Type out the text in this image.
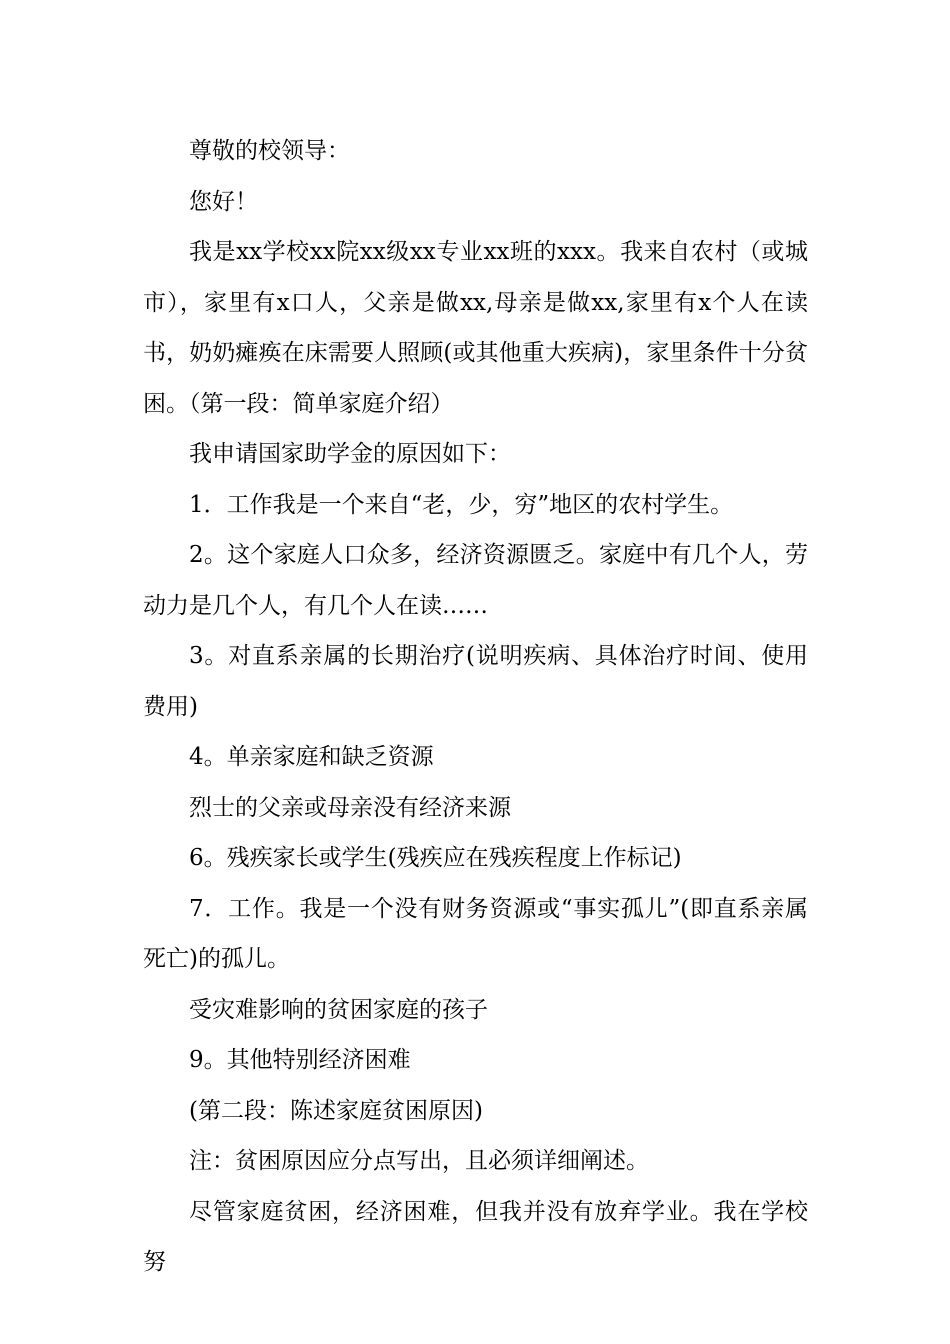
尊敬的校领导：

您好！

我是xx学校xx院xx级xx专业xx班的xxx。我来自农村（或城市），家里有x口人，父亲是做xx,母亲是做xx,家里有x个人在读书，奶奶瘫痪在床需要人照顾(或其他重大疾病)，家里条件十分贫困。（第一段：简单家庭介绍）

我申请国家助学金的原因如下：

1．工作我是一个来自“老，少，穷”地区的农村学生。

2。这个家庭人口众多，经济资源匮乏。家庭中有几个人，劳动力是几个人，有几个人在读……

3。对直系亲属的长期治疗(说明疾病、具体治疗时间、使用费用)

4。单亲家庭和缺乏资源

烈士的父亲或母亲没有经济来源

6。残疾家长或学生(残疾应在残疾程度上作标记)

7．工作。我是一个没有财务资源或“事实孤儿”(即直系亲属死亡)的孤儿。

受灾难影响的贫困家庭的孩子

9。其他特别经济困难

(第二段：陈述家庭贫困原因)

注：贫困原因应分点写出，且必须详细阐述。

尽管家庭贫困，经济困难，但我并没有放弃学业。我在学校努
